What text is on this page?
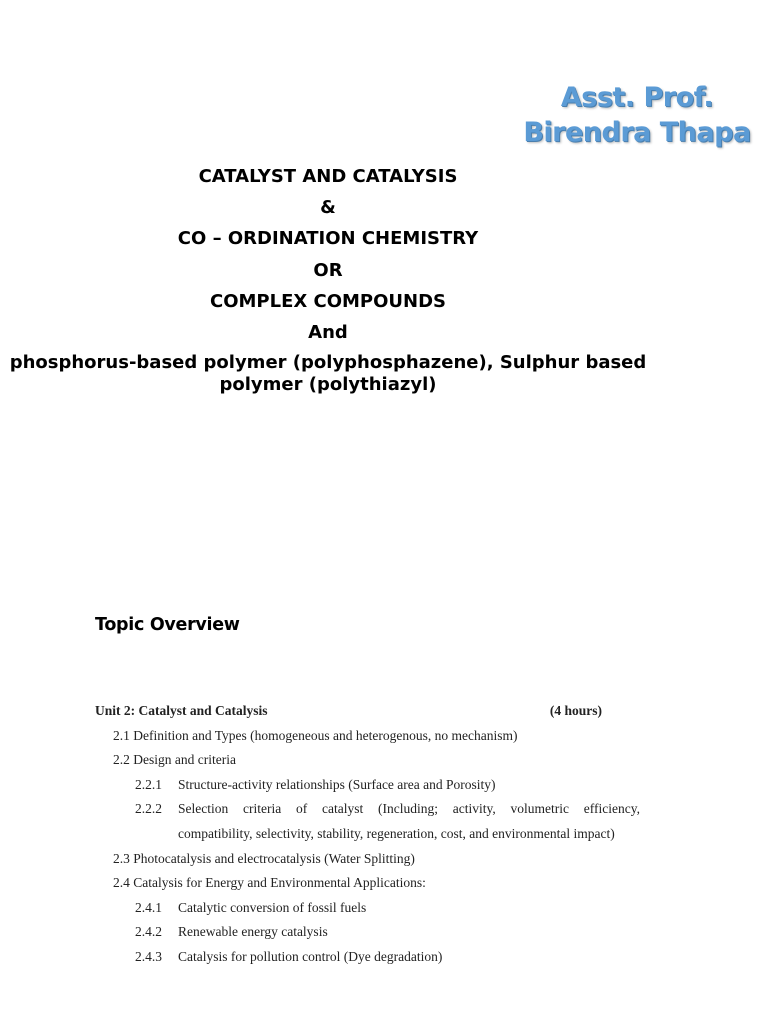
Asst. Prof.
Birendra Thapa
CATALYST AND CATALYSIS
&
CO – ORDINATION CHEMISTRY
OR
COMPLEX COMPOUNDS
And
phosphorus-based polymer (polyphosphazene), Sulphur based polymer (polythiazyl)
Topic Overview
Unit 2: Catalyst and Catalysis	(4 hours)
2.1 Definition and Types (homogeneous and heterogenous, no mechanism)
2.2 Design and criteria
2.2.1	Structure-activity relationships (Surface area and Porosity)
2.2.2	Selection criteria of catalyst (Including; activity, volumetric efficiency,
compatibility, selectivity, stability, regeneration, cost, and environmental impact)
2.3 Photocatalysis and electrocatalysis (Water Splitting)
2.4 Catalysis for Energy and Environmental Applications:
2.4.1	Catalytic conversion of fossil fuels
2.4.2	Renewable energy catalysis
2.4.3	Catalysis for pollution control (Dye degradation)
